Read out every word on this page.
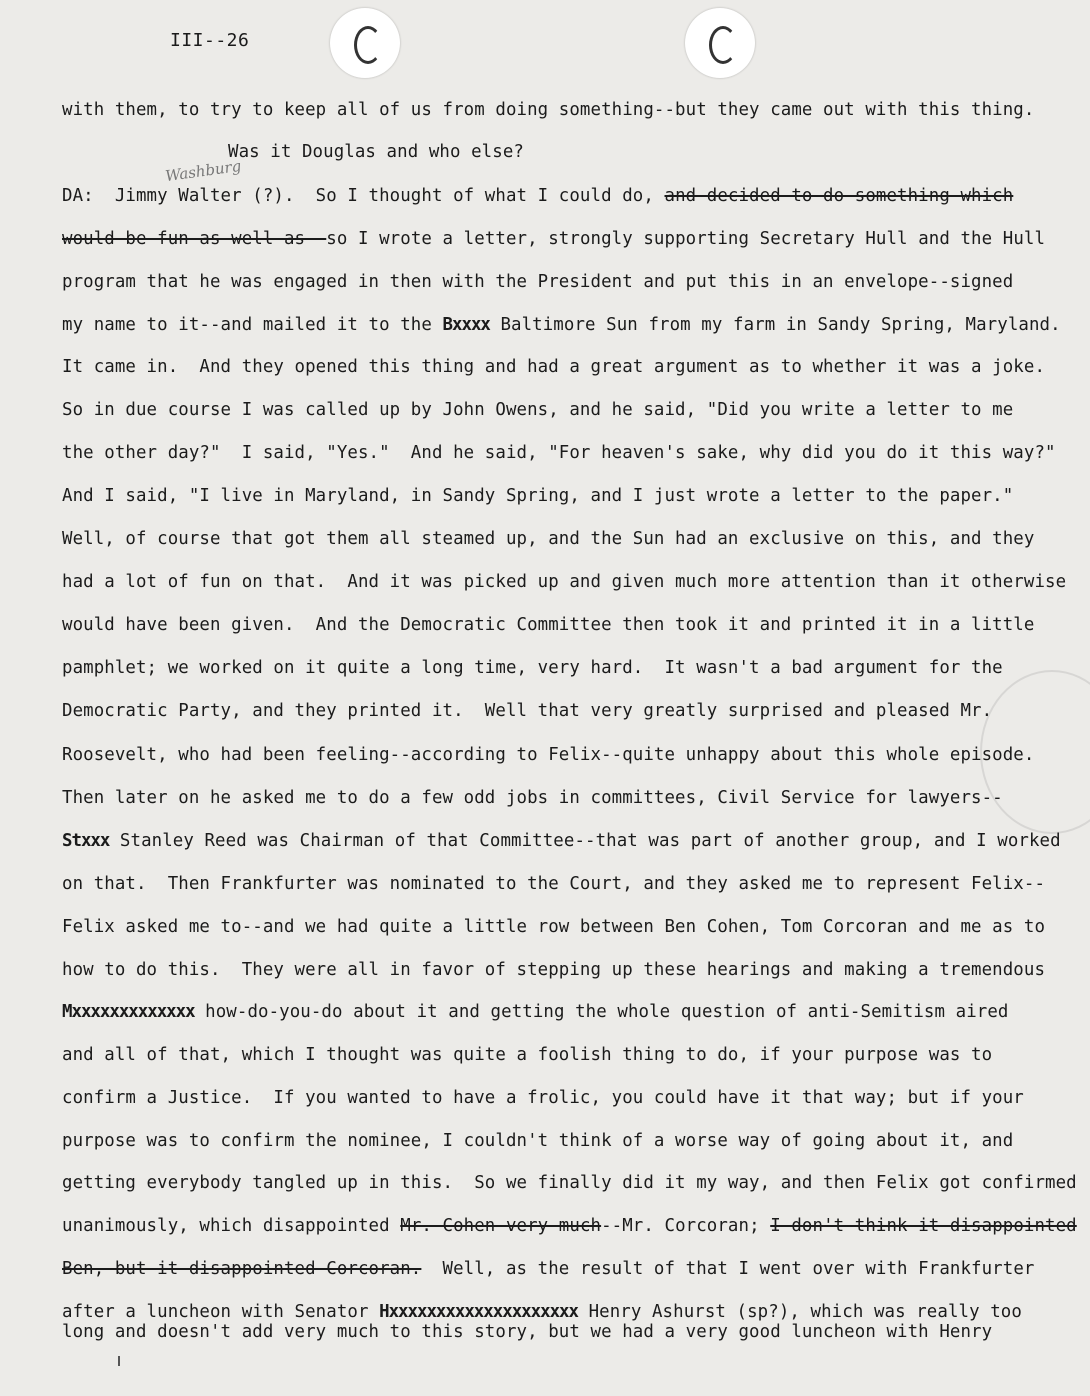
III--26
Washburg
with them, to try to keep all of us from doing something--but they came out with this thing.
Was it Douglas and who else?
DA:  Jimmy Walter (?).  So I thought of what I could do, and decided to do something which
would be fun as well as--so I wrote a letter, strongly supporting Secretary Hull and the Hull
program that he was engaged in then with the President and put this in an envelope--signed
my name to it--and mailed it to the Bxxxx Baltimore Sun from my farm in Sandy Spring, Maryland.
It came in.  And they opened this thing and had a great argument as to whether it was a joke.
So in due course I was called up by John Owens, and he said, "Did you write a letter to me
the other day?"  I said, "Yes."  And he said, "For heaven's sake, why did you do it this way?"
And I said, "I live in Maryland, in Sandy Spring, and I just wrote a letter to the paper."
Well, of course that got them all steamed up, and the Sun had an exclusive on this, and they
had a lot of fun on that.  And it was picked up and given much more attention than it otherwise
would have been given.  And the Democratic Committee then took it and printed it in a little
pamphlet; we worked on it quite a long time, very hard.  It wasn't a bad argument for the
Democratic Party, and they printed it.  Well that very greatly surprised and pleased Mr.
Roosevelt, who had been feeling--according to Felix--quite unhappy about this whole episode.
Then later on he asked me to do a few odd jobs in committees, Civil Service for lawyers--
Stxxx Stanley Reed was Chairman of that Committee--that was part of another group, and I worked
on that.  Then Frankfurter was nominated to the Court, and they asked me to represent Felix--
Felix asked me to--and we had quite a little row between Ben Cohen, Tom Corcoran and me as to
how to do this.  They were all in favor of stepping up these hearings and making a tremendous
Mxxxxxxxxxxxxx how-do-you-do about it and getting the whole question of anti-Semitism aired
and all of that, which I thought was quite a foolish thing to do, if your purpose was to
confirm a Justice.  If you wanted to have a frolic, you could have it that way; but if your
purpose was to confirm the nominee, I couldn't think of a worse way of going about it, and
getting everybody tangled up in this.  So we finally did it my way, and then Felix got confirmed
unanimously, which disappointed Mr. Cohen very much--Mr. Corcoran; I don't think it disappointed
Ben, but it disappointed Corcoran.  Well, as the result of that I went over with Frankfurter
after a luncheon with Senator Hxxxxxxxxxxxxxxxxxxxx Henry Ashurst (sp?), which was really too
long and doesn't add very much to this story, but we had a very good luncheon with Henry
